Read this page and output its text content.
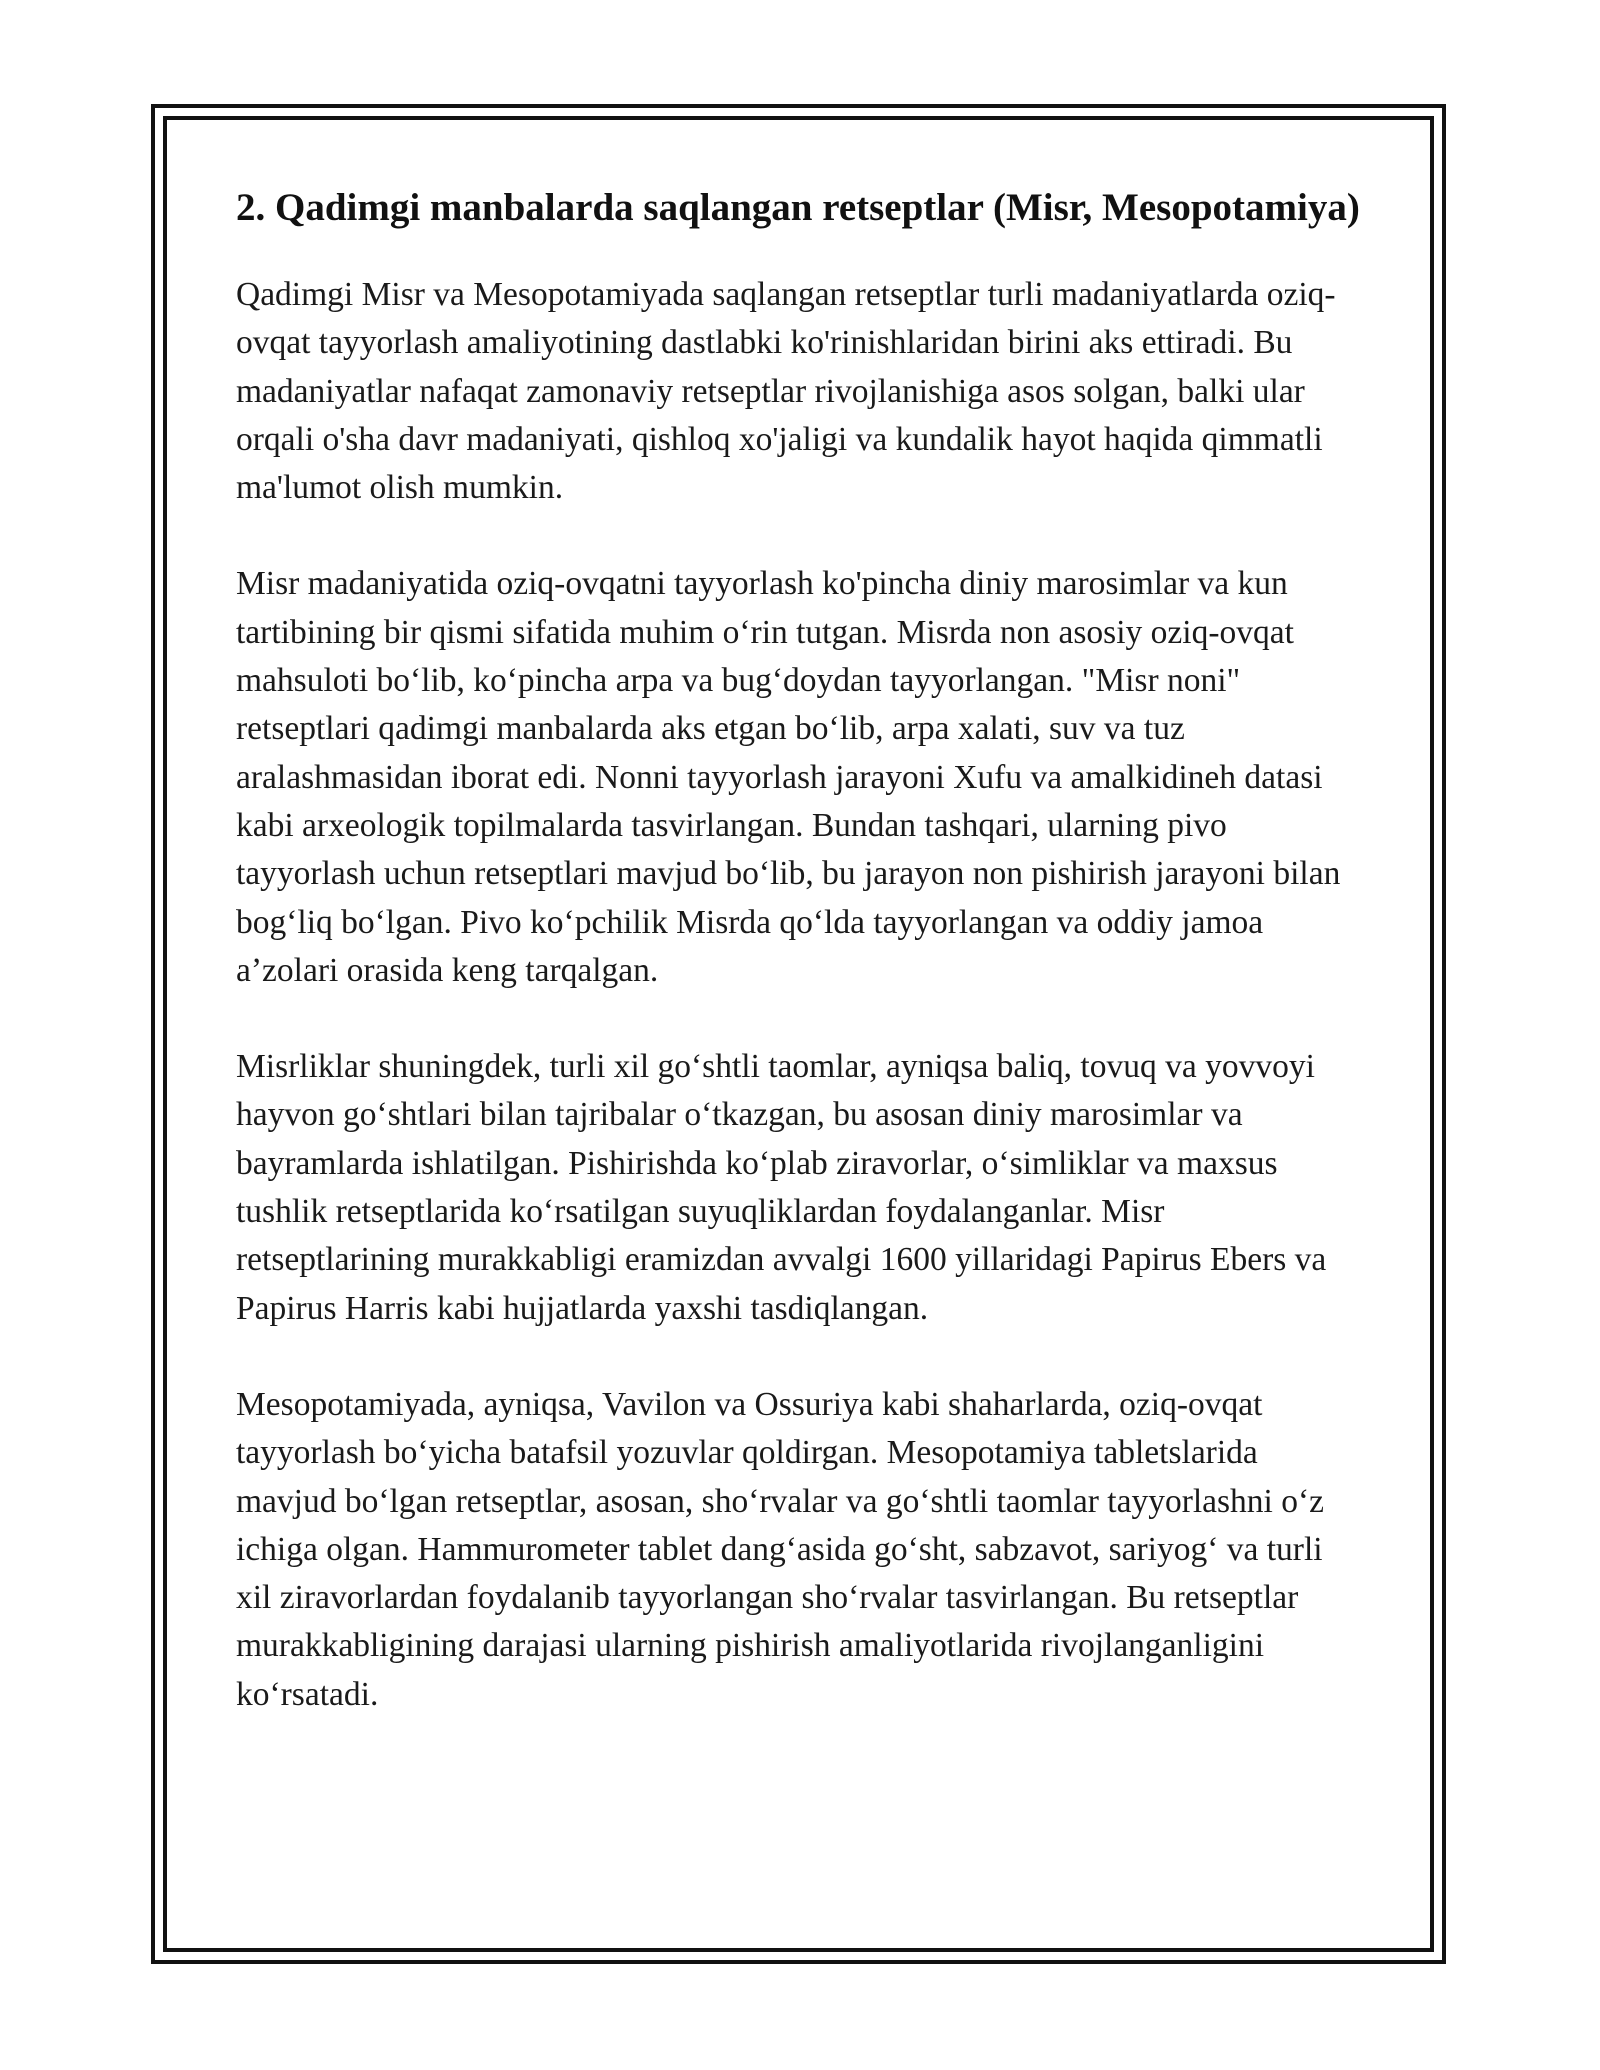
2. Qadimgi manbalarda saqlangan retseptlar (Misr, Mesopotamiya)

Qadimgi Misr va Mesopotamiyada saqlangan retseptlar turli madaniyatlarda oziq-ovqat tayyorlash amaliyotining dastlabki ko'rinishlaridan birini aks ettiradi. Bu madaniyatlar nafaqat zamonaviy retseptlar rivojlanishiga asos solgan, balki ular orqali o'sha davr madaniyati, qishloq xo'jaligi va kundalik hayot haqida qimmatli ma'lumot olish mumkin.

Misr madaniyatida oziq-ovqatni tayyorlash ko'pincha diniy marosimlar va kun tartibining bir qismi sifatida muhim oʻrin tutgan. Misrda non asosiy oziq-ovqat mahsuloti boʻlib, koʻpincha arpa va bugʻdoydan tayyorlangan. "Misr noni" retseptlari qadimgi manbalarda aks etgan boʻlib, arpa xalati, suv va tuz aralashmasidan iborat edi. Nonni tayyorlash jarayoni Xufu va amalkidineh datasi kabi arxeologik topilmalarda tasvirlangan. Bundan tashqari, ularning pivo tayyorlash uchun retseptlari mavjud boʻlib, bu jarayon non pishirish jarayoni bilan bogʻliq boʻlgan. Pivo koʻpchilik Misrda qoʻlda tayyorlangan va oddiy jamoa aʼzolari orasida keng tarqalgan.

Misrliklar shuningdek, turli xil goʻshtli taomlar, ayniqsa baliq, tovuq va yovvoyi hayvon goʻshtlari bilan tajribalar oʻtkazgan, bu asosan diniy marosimlar va bayramlarda ishlatilgan. Pishirishda koʻplab ziravorlar, oʻsimliklar va maxsus tushlik retseptlarida koʻrsatilgan suyuqliklardan foydalanganlar. Misr retseptlarining murakkabligi eramizdan avvalgi 1600 yillaridagi Papirus Ebers va Papirus Harris kabi hujjatlarda yaxshi tasdiqlangan.

Mesopotamiyada, ayniqsa, Vavilon va Ossuriya kabi shaharlarda, oziq-ovqat tayyorlash boʻyicha batafsil yozuvlar qoldirgan. Mesopotamiya tabletslarida mavjud boʻlgan retseptlar, asosan, shoʻrvalar va goʻshtli taomlar tayyorlashni oʻz ichiga olgan. Hammurometer tablet dangʻasida goʻsht, sabzavot, sariyogʻ va turli xil ziravorlardan foydalanib tayyorlangan shoʻrvalar tasvirlangan. Bu retseptlar murakkabligining darajasi ularning pishirish amaliyotlarida rivojlanganligini koʻrsatadi.
